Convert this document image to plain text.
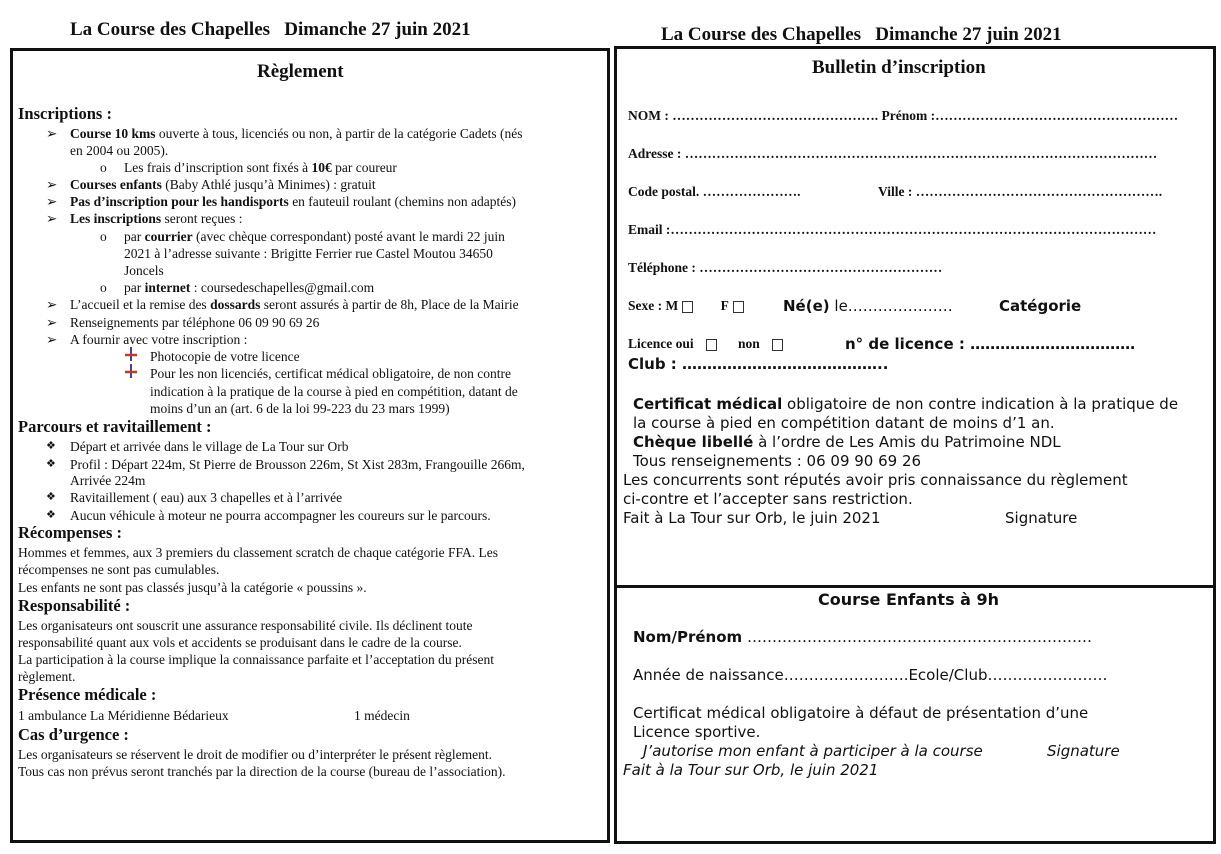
La Course des Chapelles   Dimanche 27 juin 2021
Règlement
Inscriptions :
➢ Course 10 kms ouverte à tous, licenciés ou non, à partir de la catégorie Cadets (nés
en 2004 ou 2005).
o Les frais d’inscription sont fixés à 10€ par coureur
➢ Courses enfants (Baby Athlé jusqu’à Minimes) : gratuit
➢ Pas d’inscription pour les handisports en fauteuil roulant (chemins non adaptés)
➢ Les inscriptions seront reçues :
o par courrier (avec chèque correspondant) posté avant le mardi 22 juin
2021 à l’adresse suivante : Brigitte Ferrier rue Castel Moutou 34650
Joncels
o par internet : coursedeschapelles@gmail.com
➢ L’accueil et la remise des dossards seront assurés à partir de 8h, Place de la Mairie
➢ Renseignements par téléphone 06 09 90 69 26
➢ A fournir avec votre inscription :
Photocopie de votre licence
Pour les non licenciés, certificat médical obligatoire, de non contre
indication à la pratique de la course à pied en compétition, datant de
moins d’un an (art. 6 de la loi 99-223 du 23 mars 1999)
Parcours et ravitaillement :
❖ Départ et arrivée dans le village de La Tour sur Orb
❖ Profil : Départ 224m, St Pierre de Brousson 226m, St Xist 283m, Frangouille 266m,
Arrivée 224m
❖ Ravitaillement ( eau) aux 3 chapelles et à l’arrivée
❖ Aucun véhicule à moteur ne pourra accompagner les coureurs sur le parcours.
Récompenses :
Hommes et femmes, aux 3 premiers du classement scratch de chaque catégorie FFA. Les
récompenses ne sont pas cumulables.
Les enfants ne sont pas classés jusqu’à la catégorie « poussins ».
Responsabilité :
Les organisateurs ont souscrit une assurance responsabilité civile. Ils déclinent toute
responsabilité quant aux vols et accidents se produisant dans le cadre de la course.
La participation à la course implique la connaissance parfaite et l’acceptation du présent
règlement.
Présence médicale :
1 ambulance La Méridienne Bédarieux	1 médecin
Cas d’urgence :
Les organisateurs se réservent le droit de modifier ou d’interpréter le présent règlement.
Tous cas non prévus seront tranchés par la direction de la course (bureau de l’association).
La Course des Chapelles   Dimanche 27 juin 2021
Bulletin d’inscription
NOM : ………………………………………. Prénom :………………………………………………
Adresse : ……………………………………………………………………………………………
Code postal. ………………….	Ville : ……………………………………………….
Email :………………………………………………………………………………………………
Téléphone : ………………………………………………
Sexe : M	F	Né(e) le…………………	Catégorie
Licence oui	non	n° de licence : ……………………………
Club : …………………………………..
Certificat médical obligatoire de non contre indication à la pratique de
la course à pied en compétition datant de moins d’1 an.
Chèque libellé à l’ordre de Les Amis du Patrimoine NDL
Tous renseignements : 06 09 90 69 26
Les concurrents sont réputés avoir pris connaissance du règlement
ci-contre et l’accepter sans restriction.
Fait à La Tour sur Orb, le juin 2021	Signature
Course Enfants à 9h
Nom/Prénom ……………………………………………………………
Année de naissance…………………….Ecole/Club……………………
Certificat médical obligatoire à défaut de présentation d’une
Licence sportive.
J’autorise mon enfant à participer à la course	Signature
Fait à la Tour sur Orb, le juin 2021
